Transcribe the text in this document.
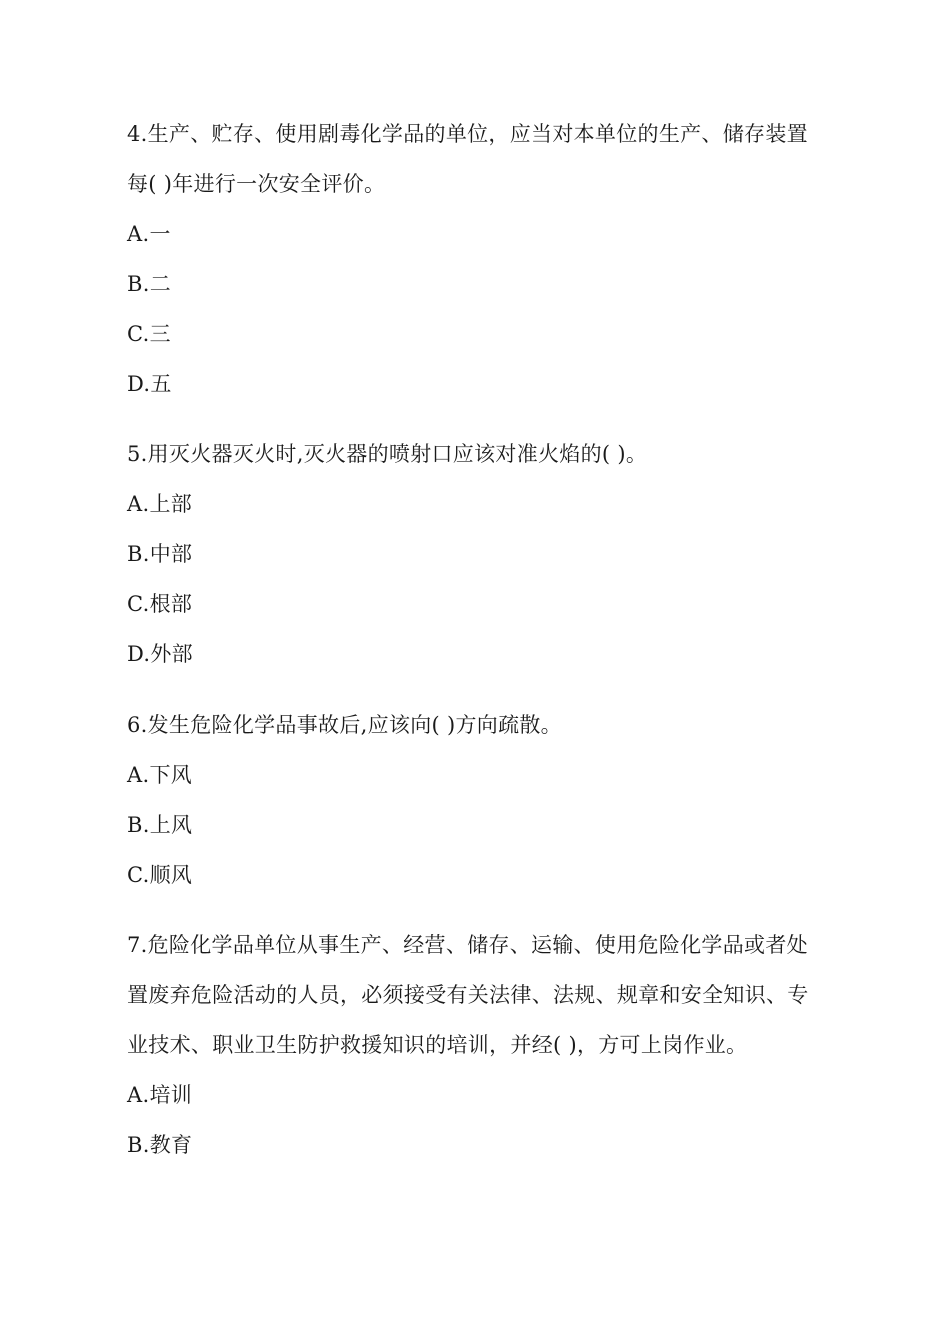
4.生产、贮存、使用剧毒化学品的单位，应当对本单位的生产、储存装置
每( )年进行一次安全评价。
A.一
B.二
C.三
D.五
5.用灭火器灭火时,灭火器的喷射口应该对准火焰的( )。
A.上部
B.中部
C.根部
D.外部
6.发生危险化学品事故后,应该向( )方向疏散。
A.下风
B.上风
C.顺风
7.危险化学品单位从事生产、经营、储存、运输、使用危险化学品或者处
置废弃危险活动的人员，必须接受有关法律、法规、规章和安全知识、专
业技术、职业卫生防护救援知识的培训，并经( )，方可上岗作业。
A.培训
B.教育
